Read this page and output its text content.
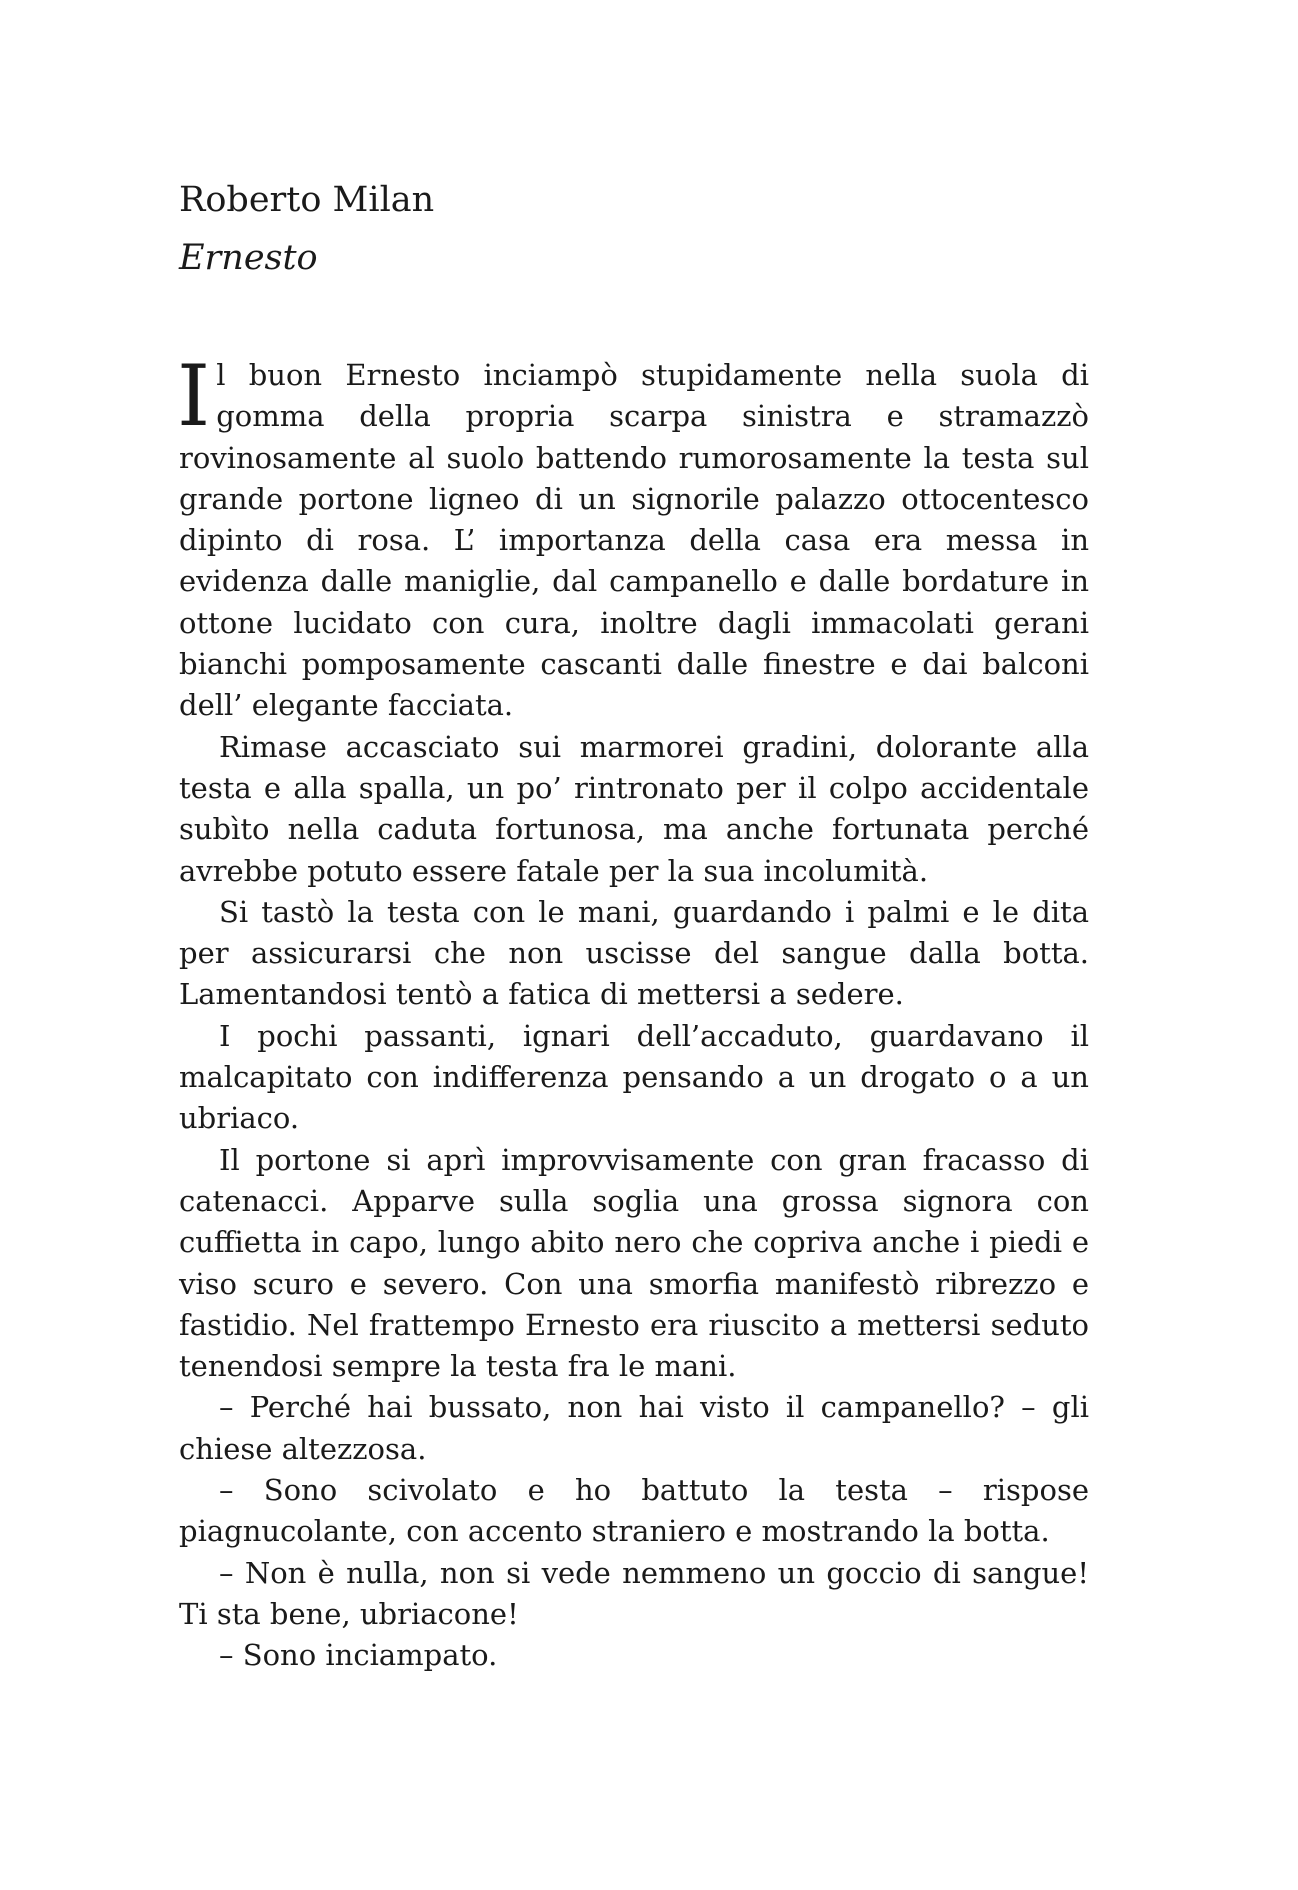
Roberto Milan
Ernesto

Il buon Ernesto inciampò stupidamente nella suola di gomma della propria scarpa sinistra e stramazzò rovinosamente al suolo battendo rumorosamente la testa sul grande portone ligneo di un signorile palazzo ottocentesco dipinto di rosa. L’ importanza della casa era messa in evidenza dalle maniglie, dal campanello e dalle bordature in ottone lucidato con cura, inoltre dagli immacolati gerani bianchi pomposamente cascanti dalle finestre e dai balconi dell’ elegante facciata.

Rimase accasciato sui marmorei gradini, dolorante alla testa e alla spalla, un po’ rintronato per il colpo accidentale subìto nella caduta fortunosa, ma anche fortunata perché avrebbe potuto essere fatale per la sua incolumità.

Si tastò la testa con le mani, guardando i palmi e le dita per assicurarsi che non uscisse del sangue dalla botta. Lamentandosi tentò a fatica di mettersi a sedere.

I pochi passanti, ignari dell’accaduto, guardavano il malcapitato con indifferenza pensando a un drogato o a un ubriaco.

Il portone si aprì improvvisamente con gran fracasso di catenacci. Apparve sulla soglia una grossa signora con cuffietta in capo, lungo abito nero che copriva anche i piedi e viso scuro e severo. Con una smorfia manifestò ribrezzo e fastidio. Nel frattempo Ernesto era riuscito a mettersi seduto tenendosi sempre la testa fra le mani.

– Perché hai bussato, non hai visto il campanello? – gli chiese altezzosa.

– Sono scivolato e ho battuto la testa – rispose piagnucolante, con accento straniero e mostrando la botta.

– Non è nulla, non si vede nemmeno un goccio di sangue! Ti sta bene, ubriacone!

– Sono inciampato.
